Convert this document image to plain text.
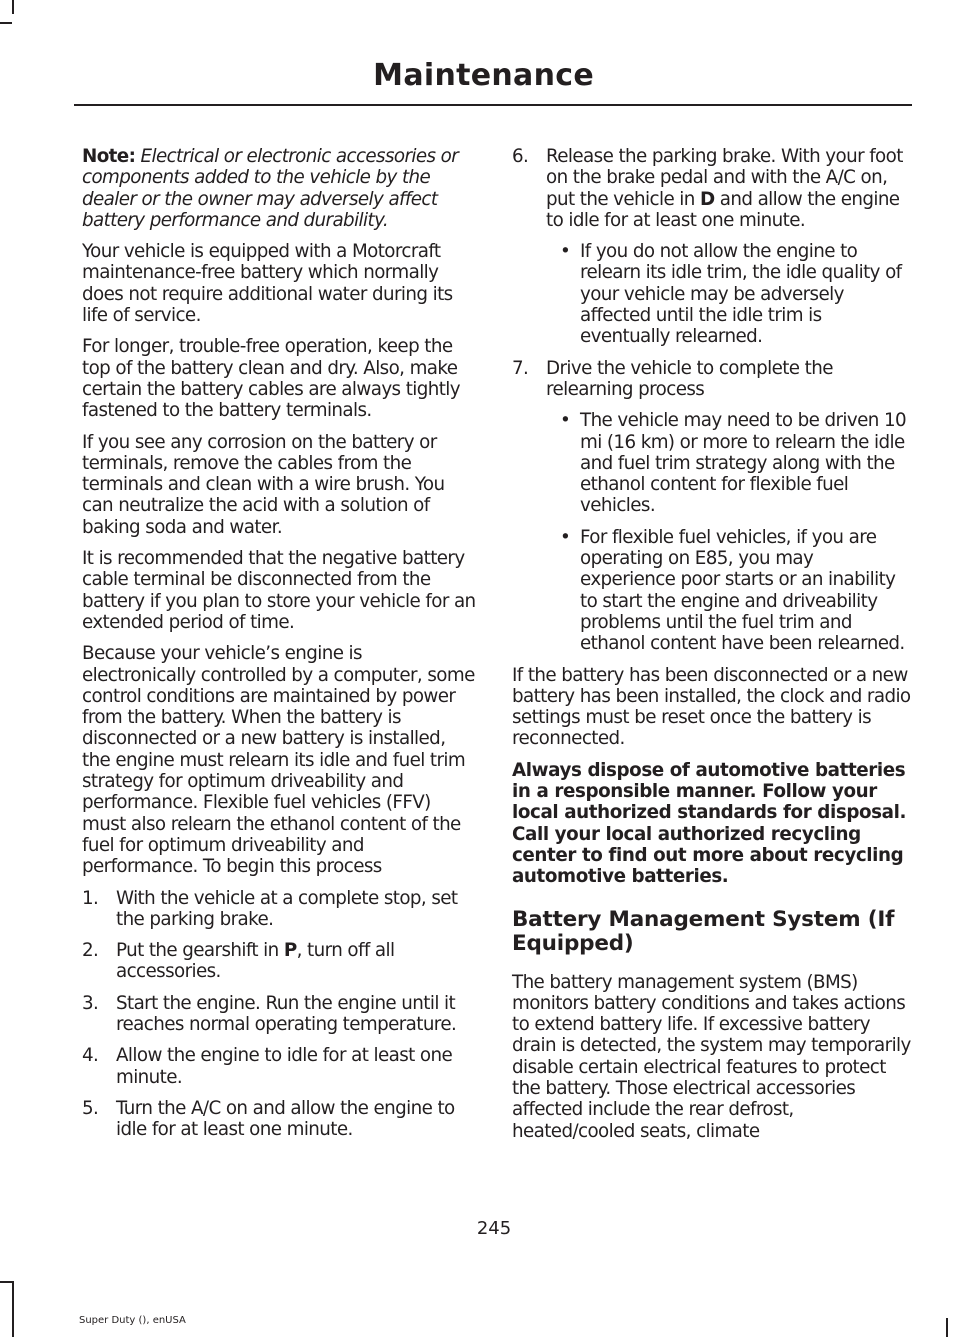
Maintenance

Note: Electrical or electronic accessories or components added to the vehicle by the dealer or the owner may adversely affect battery performance and durability.

Your vehicle is equipped with a Motorcraft maintenance-free battery which normally does not require additional water during its life of service.

For longer, trouble-free operation, keep the top of the battery clean and dry. Also, make certain the battery cables are always tightly fastened to the battery terminals.

If you see any corrosion on the battery or terminals, remove the cables from the terminals and clean with a wire brush. You can neutralize the acid with a solution of baking soda and water.

It is recommended that the negative battery cable terminal be disconnected from the battery if you plan to store your vehicle for an extended period of time.

Because your vehicle’s engine is electronically controlled by a computer, some control conditions are maintained by power from the battery. When the battery is disconnected or a new battery is installed, the engine must relearn its idle and fuel trim strategy for optimum driveability and performance. Flexible fuel vehicles (FFV) must also relearn the ethanol content of the fuel for optimum driveability and performance. To begin this process

1. With the vehicle at a complete stop, set the parking brake.
2. Put the gearshift in P, turn off all accessories.
3. Start the engine. Run the engine until it reaches normal operating temperature.
4. Allow the engine to idle for at least one minute.
5. Turn the A/C on and allow the engine to idle for at least one minute.
6. Release the parking brake. With your foot on the brake pedal and with the A/C on, put the vehicle in D and allow the engine to idle for at least one minute.
• If you do not allow the engine to relearn its idle trim, the idle quality of your vehicle may be adversely affected until the idle trim is eventually relearned.
7. Drive the vehicle to complete the relearning process
• The vehicle may need to be driven 10 mi (16 km) or more to relearn the idle and fuel trim strategy along with the ethanol content for flexible fuel vehicles.
• For flexible fuel vehicles, if you are operating on E85, you may experience poor starts or an inability to start the engine and driveability problems until the fuel trim and ethanol content have been relearned.

If the battery has been disconnected or a new battery has been installed, the clock and radio settings must be reset once the battery is reconnected.

Always dispose of automotive batteries in a responsible manner. Follow your local authorized standards for disposal. Call your local authorized recycling center to find out more about recycling automotive batteries.

Battery Management System (If Equipped)

The battery management system (BMS) monitors battery conditions and takes actions to extend battery life. If excessive battery drain is detected, the system may temporarily disable certain electrical features to protect the battery. Those electrical accessories affected include the rear defrost, heated/cooled seats, climate

245
Super Duty (), enUSA
